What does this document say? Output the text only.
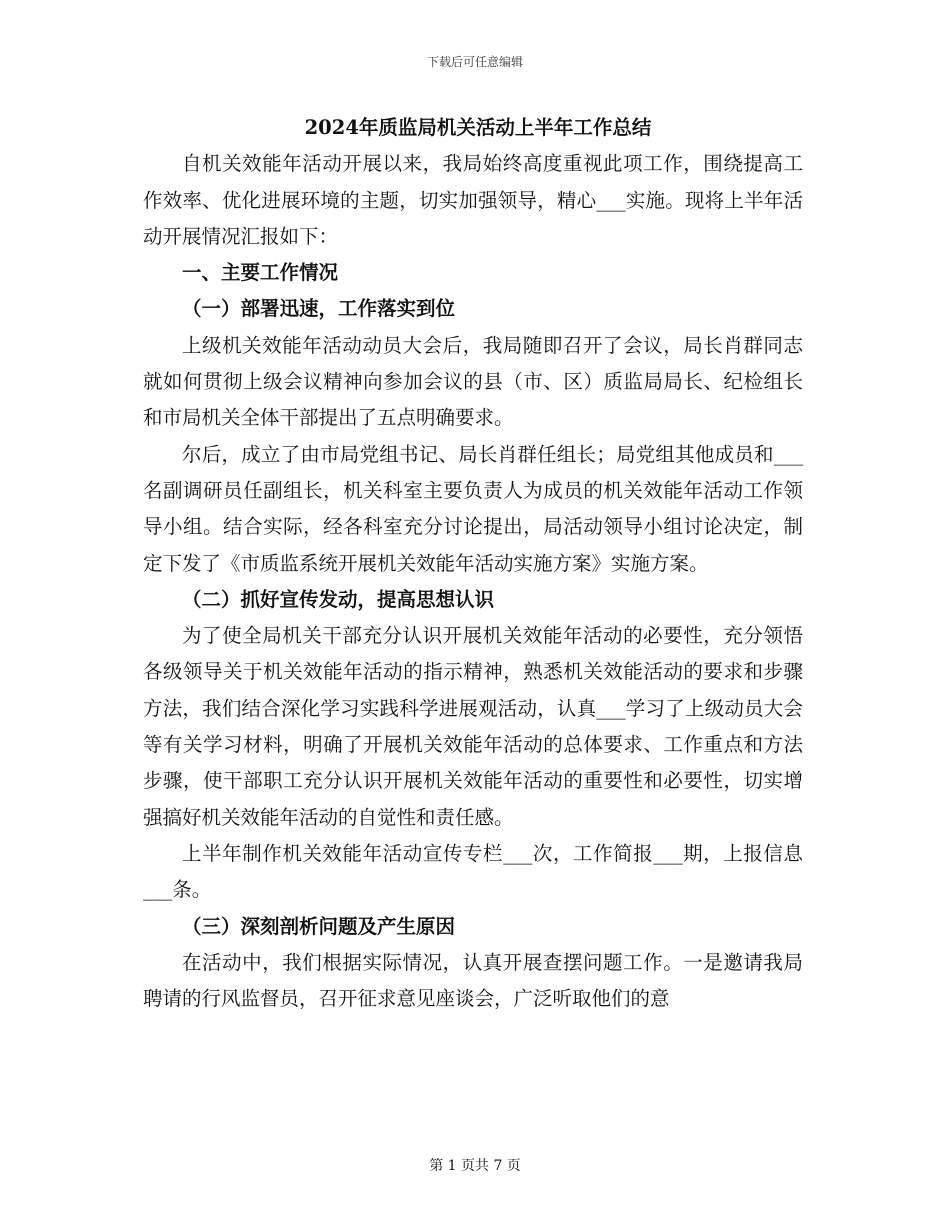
下载后可任意编辑

2024年质监局机关活动上半年工作总结

自机关效能年活动开展以来，我局始终高度重视此项工作，围绕提高工作效率、优化进展环境的主题，切实加强领导，精心___实施。现将上半年活动开展情况汇报如下：

一、主要工作情况

（一）部署迅速，工作落实到位

上级机关效能年活动动员大会后，我局随即召开了会议，局长肖群同志就如何贯彻上级会议精神向参加会议的县（市、区）质监局局长、纪检组长和市局机关全体干部提出了五点明确要求。

尔后，成立了由市局党组书记、局长肖群任组长；局党组其他成员和___名副调研员任副组长，机关科室主要负责人为成员的机关效能年活动工作领导小组。结合实际，经各科室充分讨论提出，局活动领导小组讨论决定，制定下发了《市质监系统开展机关效能年活动实施方案》实施方案。

（二）抓好宣传发动，提高思想认识

为了使全局机关干部充分认识开展机关效能年活动的必要性，充分领悟各级领导关于机关效能年活动的指示精神，熟悉机关效能活动的要求和步骤方法，我们结合深化学习实践科学进展观活动，认真___学习了上级动员大会等有关学习材料，明确了开展机关效能年活动的总体要求、工作重点和方法步骤，使干部职工充分认识开展机关效能年活动的重要性和必要性，切实增强搞好机关效能年活动的自觉性和责任感。

上半年制作机关效能年活动宣传专栏___次，工作简报___期，上报信息___条。

（三）深刻剖析问题及产生原因

在活动中，我们根据实际情况，认真开展查摆问题工作。一是邀请我局聘请的行风监督员，召开征求意见座谈会，广泛听取他们的意

第 1 页共 7 页
